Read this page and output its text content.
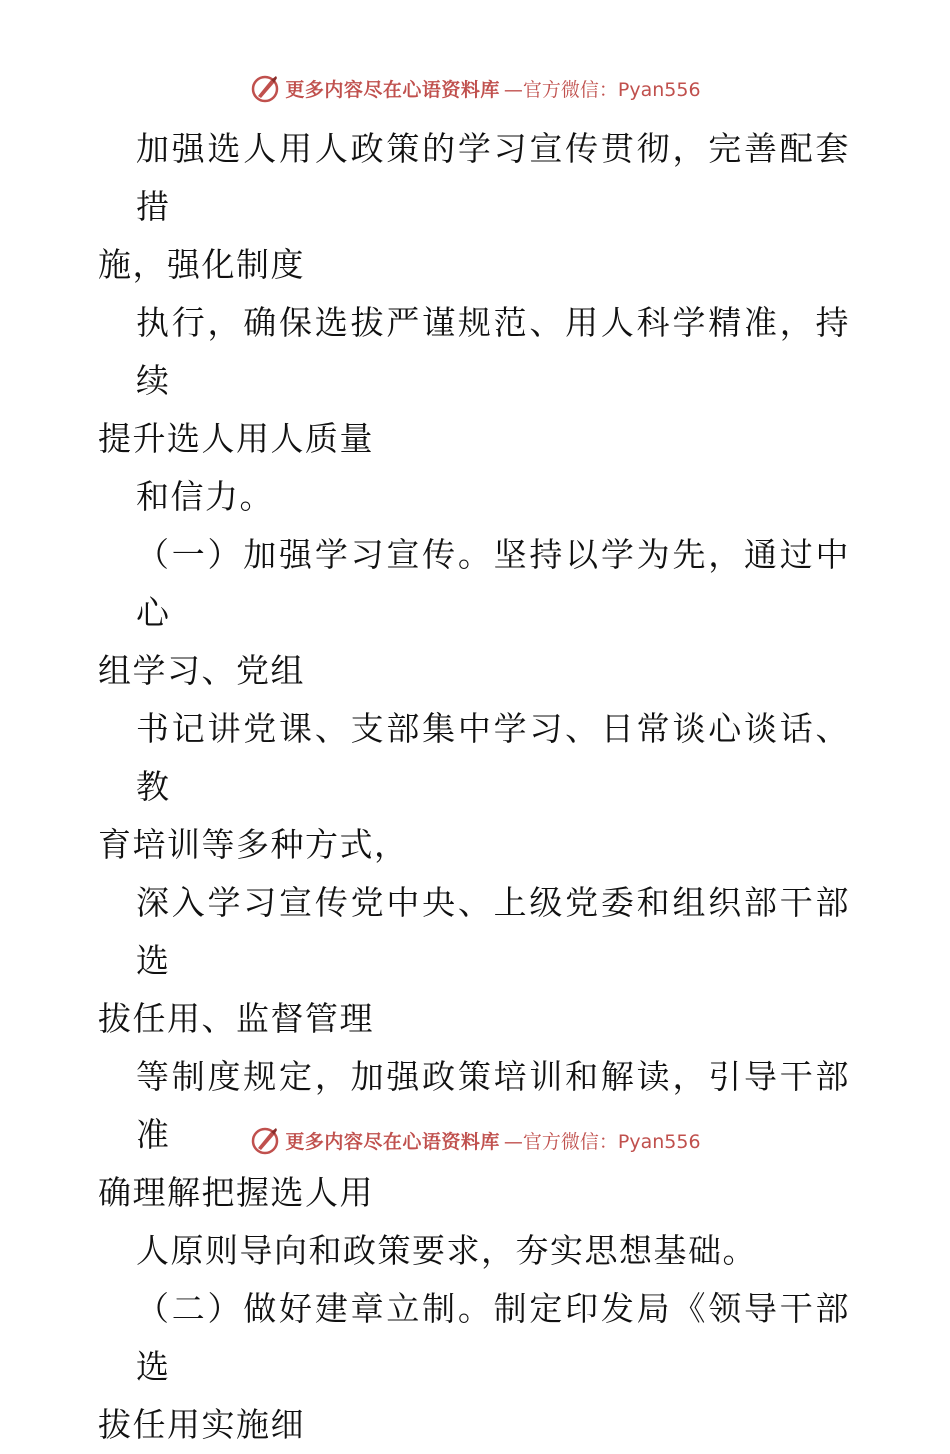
更多内容尽在心语资料库 —官方微信：Pyan556

加强选人用人政策的学习宣传贯彻，完善配套措
施，强化制度

执行，确保选拔严谨规范、用人科学精准，持续
提升选人用人质量

和信力。

（一）加强学习宣传。坚持以学为先，通过中心
组学习、党组

书记讲党课、支部集中学习、日常谈心谈话、教
育培训等多种方式，

深入学习宣传党中央、上级党委和组织部干部选
拔任用、监督管理

等制度规定，加强政策培训和解读，引导干部准
确理解把握选人用

人原则导向和政策要求，夯实思想基础。

（二）做好建章立制。制定印发局《领导干部选
拔任用实施细

更多内容尽在心语资料库 —官方微信：Pyan556
